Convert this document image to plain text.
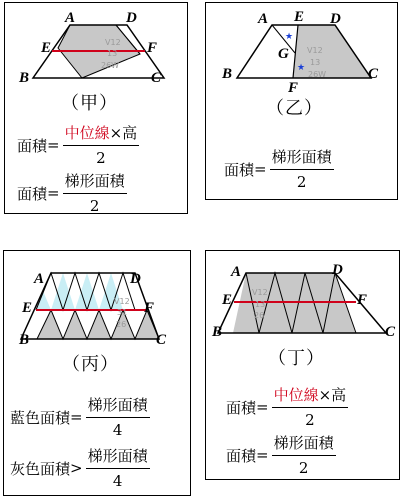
A	D
E	F
B	C
V12
13
26W
（甲）
面積 = $\frac{\text{中位線×高}}{2}$
面積 = $\frac{\text{梯形面積}}{2}$
A E D
G
B
F
C
★
★
V12
13
26W
（乙）
面積 = $\frac{\text{梯形面積}}{2}$
A	D
E	F
B	C
V12
31
26
（丙）
藍色面積 = $\frac{\text{梯形面積}}{4}$
灰色面積 > $\frac{\text{梯形面積}}{4}$
A	D
E	F
B	C
V12
13
26
（丁）
面積 = $\frac{\text{中位線×高}}{2}$
面積 = $\frac{\text{梯形面積}}{2}$
